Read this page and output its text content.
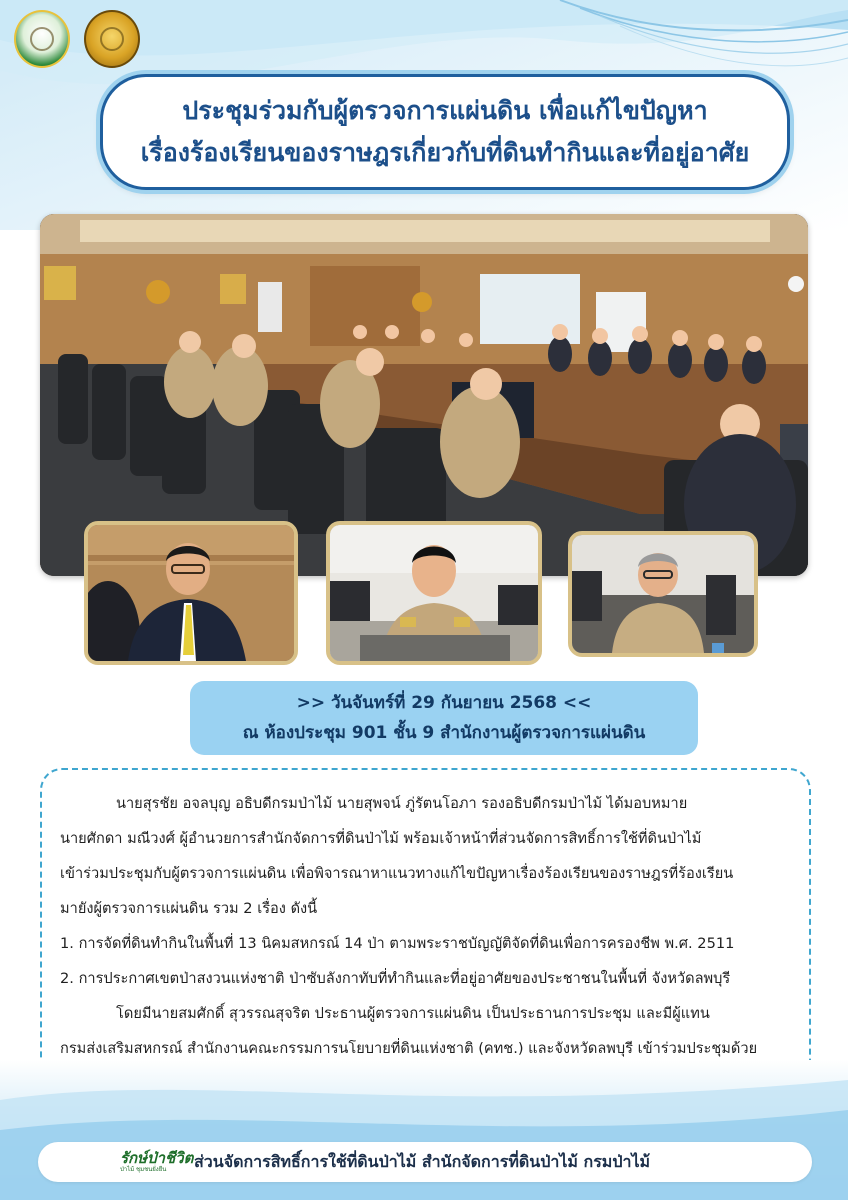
ประชุมร่วมกับผู้ตรวจการแผ่นดิน เพื่อแก้ไขปัญหา
เรื่องร้องเรียนของราษฎรเกี่ยวกับที่ดินทำกินและที่อยู่อาศัย
>> วันจันทร์ที่ 29 กันยายน 2568 <<
ณ ห้องประชุม 901 ชั้น 9 สำนักงานผู้ตรวจการแผ่นดิน
นายสุรชัย อจลบุญ อธิบดีกรมป่าไม้ นายสุพจน์ ภู่รัตนโอภา รองอธิบดีกรมป่าไม้ ได้มอบหมาย
นายศักดา มณีวงศ์ ผู้อำนวยการสำนักจัดการที่ดินป่าไม้ พร้อมเจ้าหน้าที่ส่วนจัดการสิทธิ์การใช้ที่ดินป่าไม้
เข้าร่วมประชุมกับผู้ตรวจการแผ่นดิน เพื่อพิจารณาหาแนวทางแก้ไขปัญหาเรื่องร้องเรียนของราษฎรที่ร้องเรียน
มายังผู้ตรวจการแผ่นดิน รวม 2 เรื่อง ดังนี้
1. การจัดที่ดินทำกินในพื้นที่ 13 นิคมสหกรณ์ 14 ป่า ตามพระราชบัญญัติจัดที่ดินเพื่อการครองชีพ พ.ศ. 2511
2. การประกาศเขตป่าสงวนแห่งชาติ ป่าซับลังกาทับที่ทำกินและที่อยู่อาศัยของประชาชนในพื้นที่ จังหวัดลพบุรี
โดยมีนายสมศักดิ์ สุวรรณสุจริต ประธานผู้ตรวจการแผ่นดิน เป็นประธานการประชุม และมีผู้แทน
กรมส่งเสริมสหกรณ์ สำนักงานคณะกรรมการนโยบายที่ดินแห่งชาติ (คทช.) และจังหวัดลพบุรี เข้าร่วมประชุมด้วย
รักษ์ป่าชีวิต
ป่าไม้ ชุมชนยั่งยืน ส่วนจัดการสิทธิ์การใช้ที่ดินป่าไม้ สำนักจัดการที่ดินป่าไม้ กรมป่าไม้
